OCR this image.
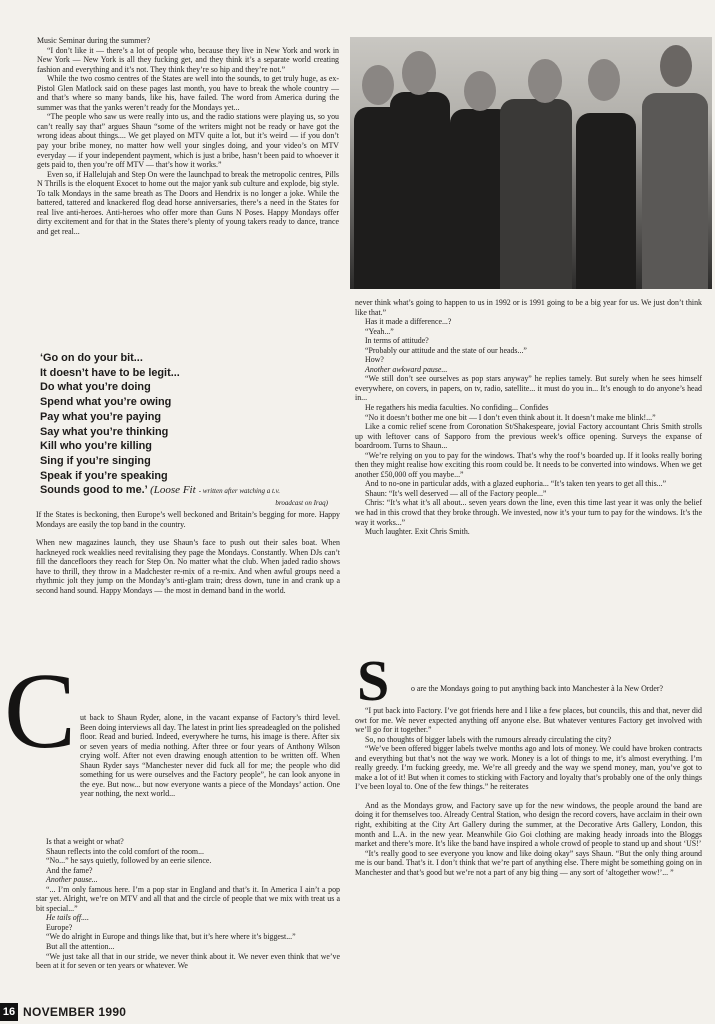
Music Seminar during the summer?

“I don’t like it — there’s a lot of people who, because they live in New York and work in New York — New York is all they fucking get, and they think it’s a separate world creating fashion and everything and it’s not. They think they’re so hip and they’re not.”

While the two cosmo centres of the States are well into the sounds, to get truly huge, as ex-Pistol Glen Matlock said on these pages last month, you have to break the whole country — and that’s where so many bands, like his, have failed. The word from America during the summer was that the yanks weren’t ready for the Mondays yet...

“The people who saw us were really into us, and the radio stations were playing us, so you can’t really say that” argues Shaun “some of the writers might not be ready or have got the wrong ideas about things.... We get played on MTV quite a lot, but it’s weird — if you don’t pay your bribe money, no matter how well your singles doing, and your video’s on MTV everyday — if your independent payment, which is just a bribe, hasn’t been paid to whoever it gets paid to, then you’re off MTV — that’s how it works.”

Even so, if Hallelujah and Step On were the launchpad to break the metropolic centres, Pills N Thrills is the eloquent Exocet to home out the major yank sub culture and explode, big style. To talk Mondays in the same breath as The Doors and Hendrix is no longer a joke. While the battered, tattered and knackered flog dead horse anniversaries, there’s a need in the States for real live anti-heroes. Anti-heroes who offer more than Guns N Poses. Happy Mondays offer dirty excitement and for that in the States there’s plenty of young takers ready to dance, trance and get real...

‘Go on do your bit...
It doesn’t have to be legit...
Do what you’re doing
Spend what you’re owing
Pay what you’re paying
Say what you’re thinking
Kill who you’re killing
Sing if you’re singing
Speak if you’re speaking
Sounds good to me.’ (Loose Fit - written after watching a t.v.
broadcast on Iraq)

If the States is beckoning, then Europe’s well beckoned and Britain’s begging for more. Happy Mondays are easily the top band in the country.

When new magazines launch, they use Shaun’s face to push out their sales boat. When hackneyed rock weaklies need revitalising they page the Mondays. Constantly. When DJs can’t fill the dancefloors they reach for Step On. No matter what the club. When jaded radio shows have to thrill, they throw in a Madchester re-mix of a re-mix. And when awful groups need a rhythmic jolt they jump on the Monday’s anti-glam train; dress down, tune in and crank up a second hand sound. Happy Mondays — the most in demand band in the world.

C ut back to Shaun Ryder, alone, in the vacant expanse of Factory’s third level. Been doing interviews all day. The latest in print lies spreadeagled on the polished floor. Read and buried. Indeed, everywhere he turns, his image is there. After six or seven years of media nothing. After three or four years of Anthony Wilson crying wolf. After not even drawing enough attention to be written off. When Shaun Ryder says “Manchester never did fuck all for me; the people who did something for us were ourselves and the Factory people”, he can look anyone in the eye. But now... but now everyone wants a piece of the Mondays’ action. One year nothing, the next world...

Is that a weight or what?

Shaun reflects into the cold comfort of the room...

“No...” he says quietly, followed by an eerie silence.

And the fame?

Another pause...

“... I’m only famous here. I’m a pop star in England and that’s it. In America I ain’t a pop star yet. Alright, we’re on MTV and all that and the circle of people that we mix with treat us a bit special...”

He tails off....

Europe?

“We do alright in Europe and things like that, but it’s here where it’s biggest...”

But all the attention...

“We just take all that in our stride, we never think about it. We never even think that we’ve been at it for seven or ten years or whatever. We

never think what’s going to happen to us in 1992 or is 1991 going to be a big year for us. We just don’t think like that.”

Has it made a difference...?

“Yeah...”

In terms of attitude?

“Probably our attitude and the state of our heads...”

How?

Another awkward pause...

“We still don’t see ourselves as pop stars anyway” he replies tamely. But surely when he sees himself everywhere, on covers, in papers, on tv, radio, satellite... it must do you in... It’s enough to do anyone’s head in...

He regathers his media faculties. No confiding... Confides

“No it doesn’t bother me one bit — I don’t even think about it. It doesn’t make me blink!...”

Like a comic relief scene from Coronation St/Shakespeare, jovial Factory accountant Chris Smith strolls up with leftover cans of Sapporo from the previous week’s office opening. Surveys the expanse of boardroom. Turns to Shaun...

“We’re relying on you to pay for the windows. That’s why the roof’s boarded up. If it looks really boring then they might realise how exciting this room could be. It needs to be converted into windows. When we get another £50,000 off you maybe...”

And to no-one in particular adds, with a glazed euphoria... “It’s taken ten years to get all this...”

Shaun: “It’s well deserved — all of the Factory people...”

Chris: “It’s what it’s all about... seven years down the line, even this time last year it was only the belief we had in this crowd that they broke through. We invested, now it’s your turn to pay for the windows. It’s the way it works...”

Much laughter. Exit Chris Smith.

S	o are the Mondays going to put anything back into Manchester à la New Order?

“I put back into Factory. I’ve got friends here and I like a few places, but councils, this and that, never did owt for me. We never expected anything off anyone else. But whatever ventures Factory get involved with we’ll go for it together.”

So, no thoughts of bigger labels with the rumours already circulating the city?

“We’ve been offered bigger labels twelve months ago and lots of money. We could have broken contracts and everything but that’s not the way we work. Money is a lot of things to me, it’s almost everything. I’m really greedy. I’m fucking greedy, me. We’re all greedy and the way we spend money, man, you’ve got to make a lot of it! But when it comes to sticking with Factory and loyalty that’s probably one of the only things I’ve been loyal to. One of the few things.” he reiterates

And as the Mondays grow, and Factory save up for the new windows, the people around the band are doing it for themselves too. Already Central Station, who design the record covers, have acclaim in their own right, exhibiting at the City Art Gallery during the summer, at the Decorative Arts Gallery, London, this month and L.A. in the new year. Meanwhile Gio Goi clothing are making heady inroads into the Bloggs market and there’s more. It’s like the band have inspired a whole crowd of people to stand up and shout ‘US!’

“It’s really good to see everyone you know and like doing okay” says Shaun. “But the only thing around me is our band. That’s it. I don’t think that we’re part of anything else. There might be something going on in Manchester and that’s good but we’re not a part of any big thing — any sort of ‘altogether wow!’... ”

16 NOVEMBER 1990
